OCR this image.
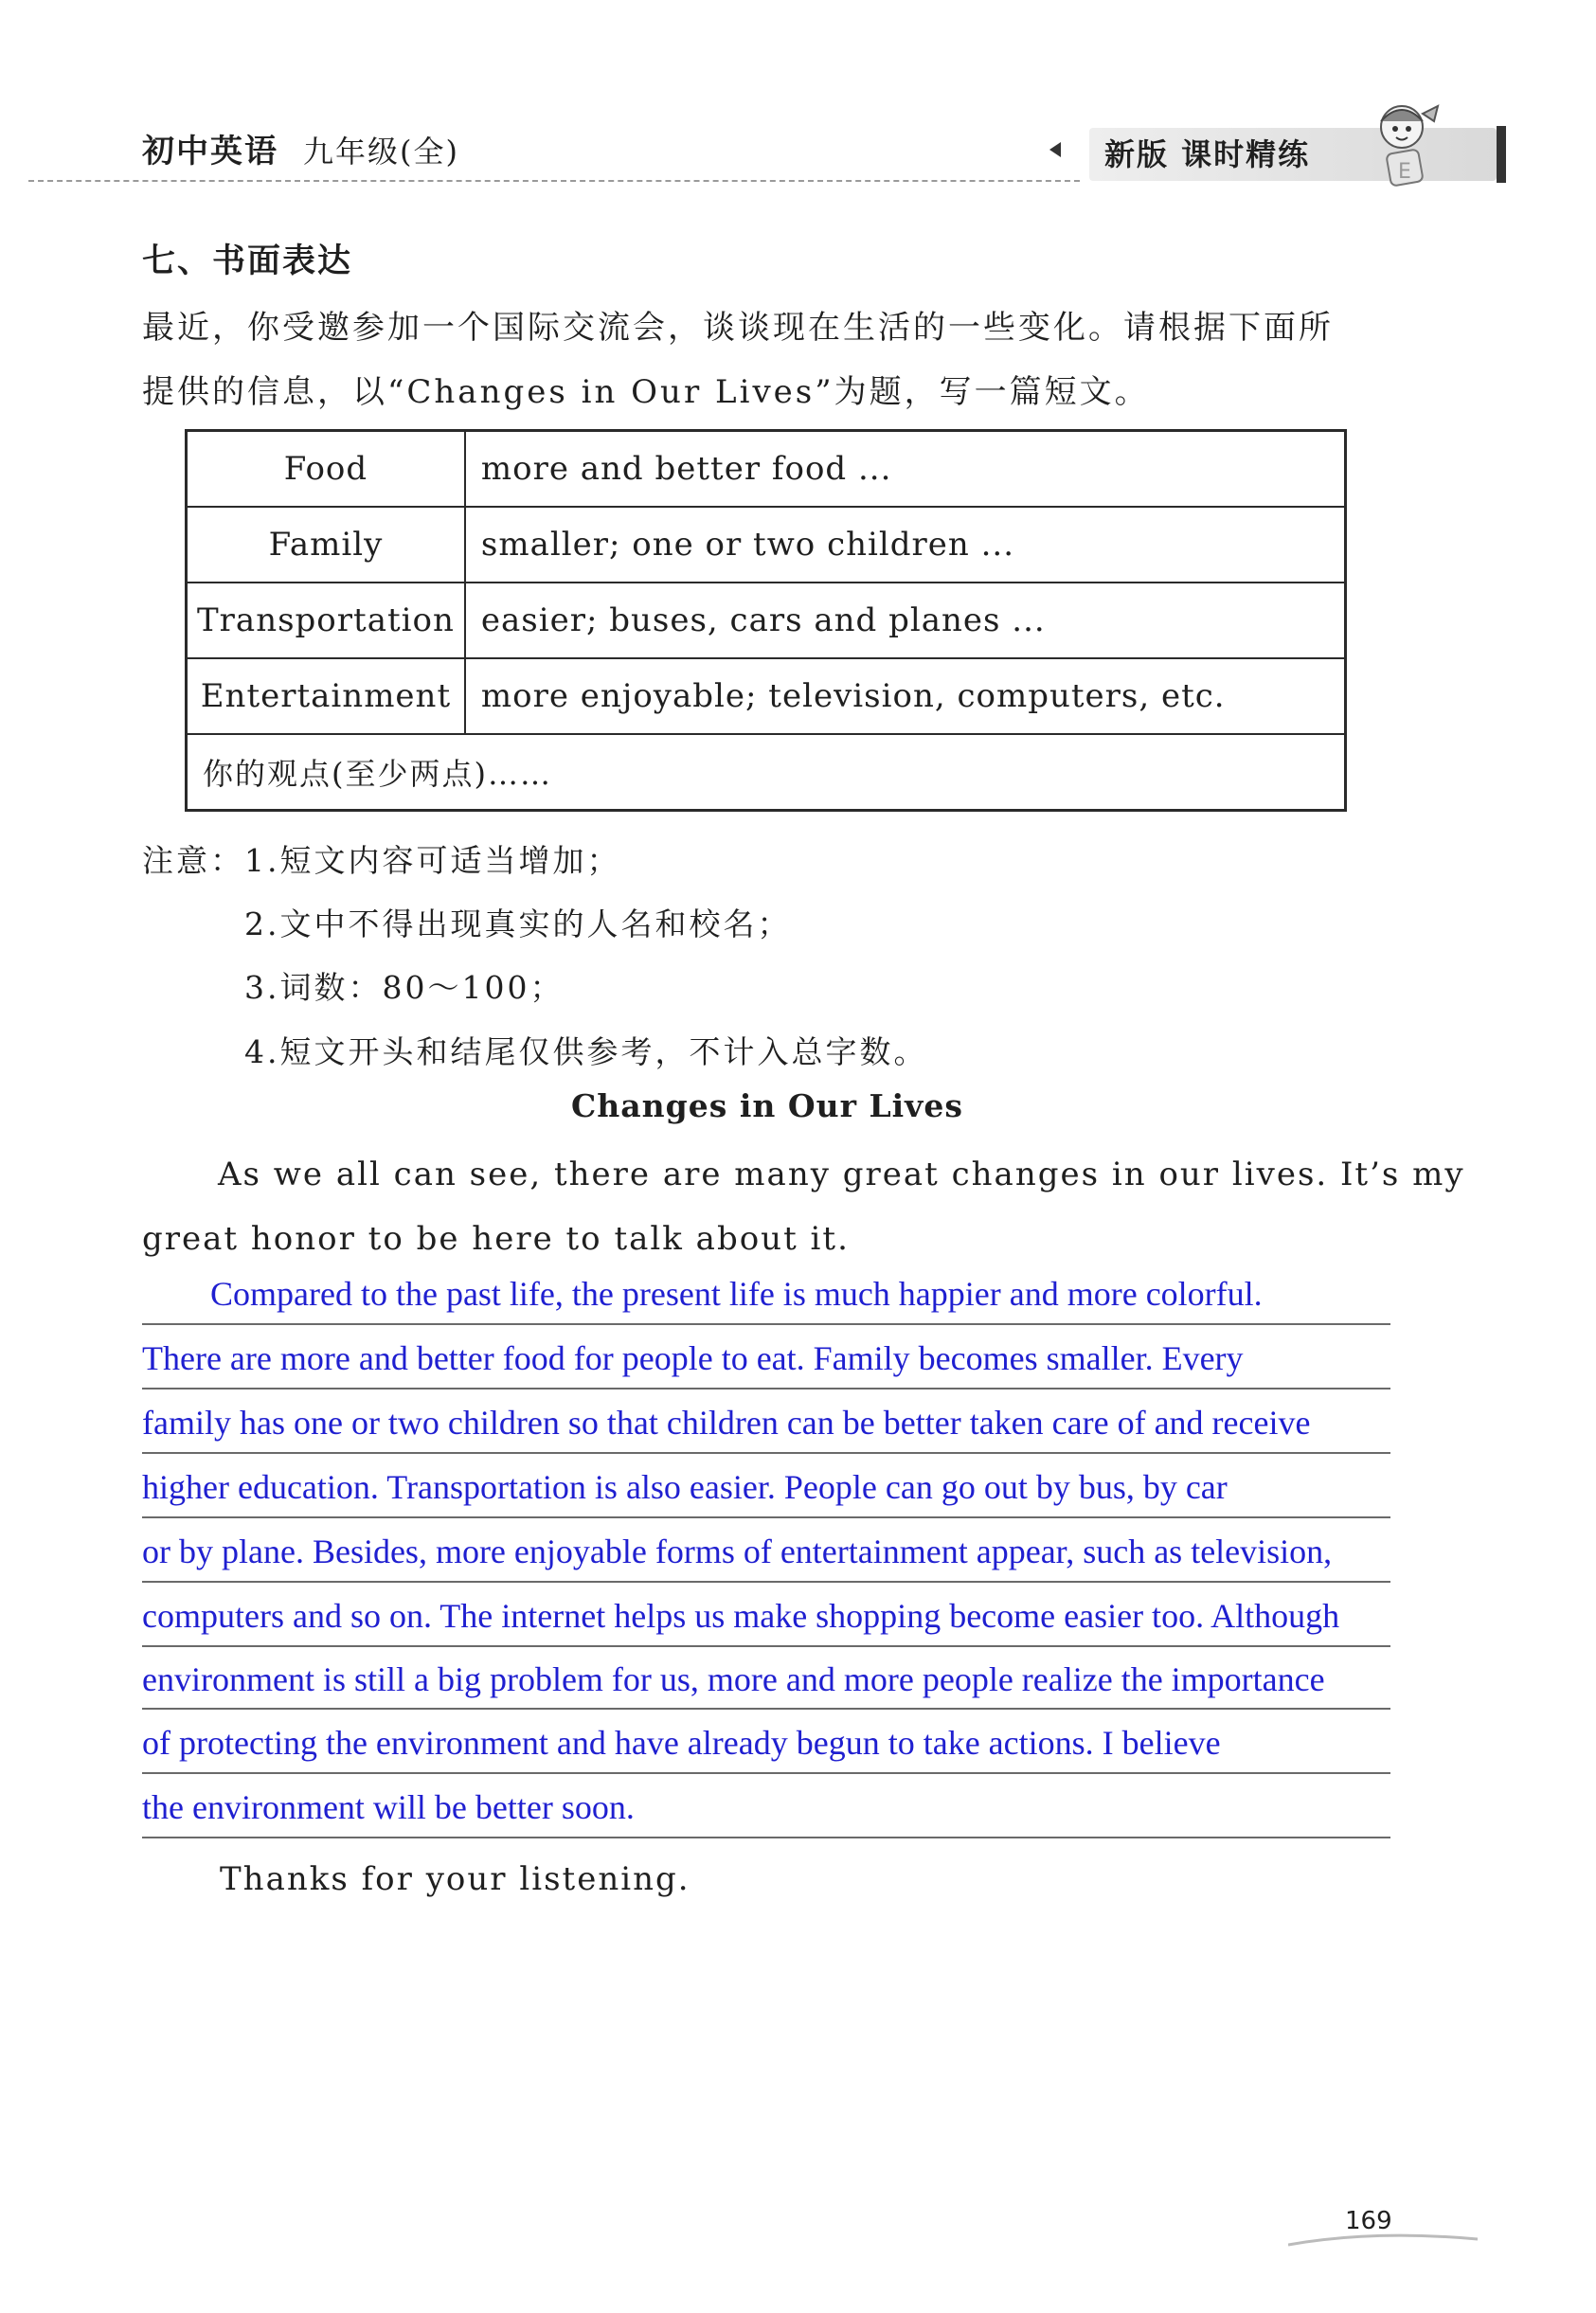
初中英语 九年级(全)	新版 课时精练	E
七、书面表达
最近，你受邀参加一个国际交流会，谈谈现在生活的一些变化。请根据下面所
提供的信息，以“Changes in Our Lives”为题，写一篇短文。
Food	more and better food ...
Family	smaller; one or two children ...
Transportation	easier; buses, cars and planes ...
Entertainment	more enjoyable; television, computers, etc.
你的观点(至少两点)……	
注意：1.短文内容可适当增加；
2.文中不得出现真实的人名和校名；
3.词数：80～100；
4.短文开头和结尾仅供参考，不计入总字数。
Changes in Our Lives
As we all can see, there are many great changes in our lives. It’s my
great honor to be here to talk about it.
Compared to the past life, the present life is much happier and more colorful.
There are more and better food for people to eat. Family becomes smaller. Every
family has one or two children so that children can be better taken care of and receive
higher education. Transportation is also easier. People can go out by bus, by car
or by plane. Besides, more enjoyable forms of entertainment appear, such as television,
computers and so on. The internet helps us make shopping become easier too. Although
environment is still a big problem for us, more and more people realize the importance
of protecting the environment and have already begun to take actions. I believe
the environment will be better soon.
Thanks for your listening.
169
